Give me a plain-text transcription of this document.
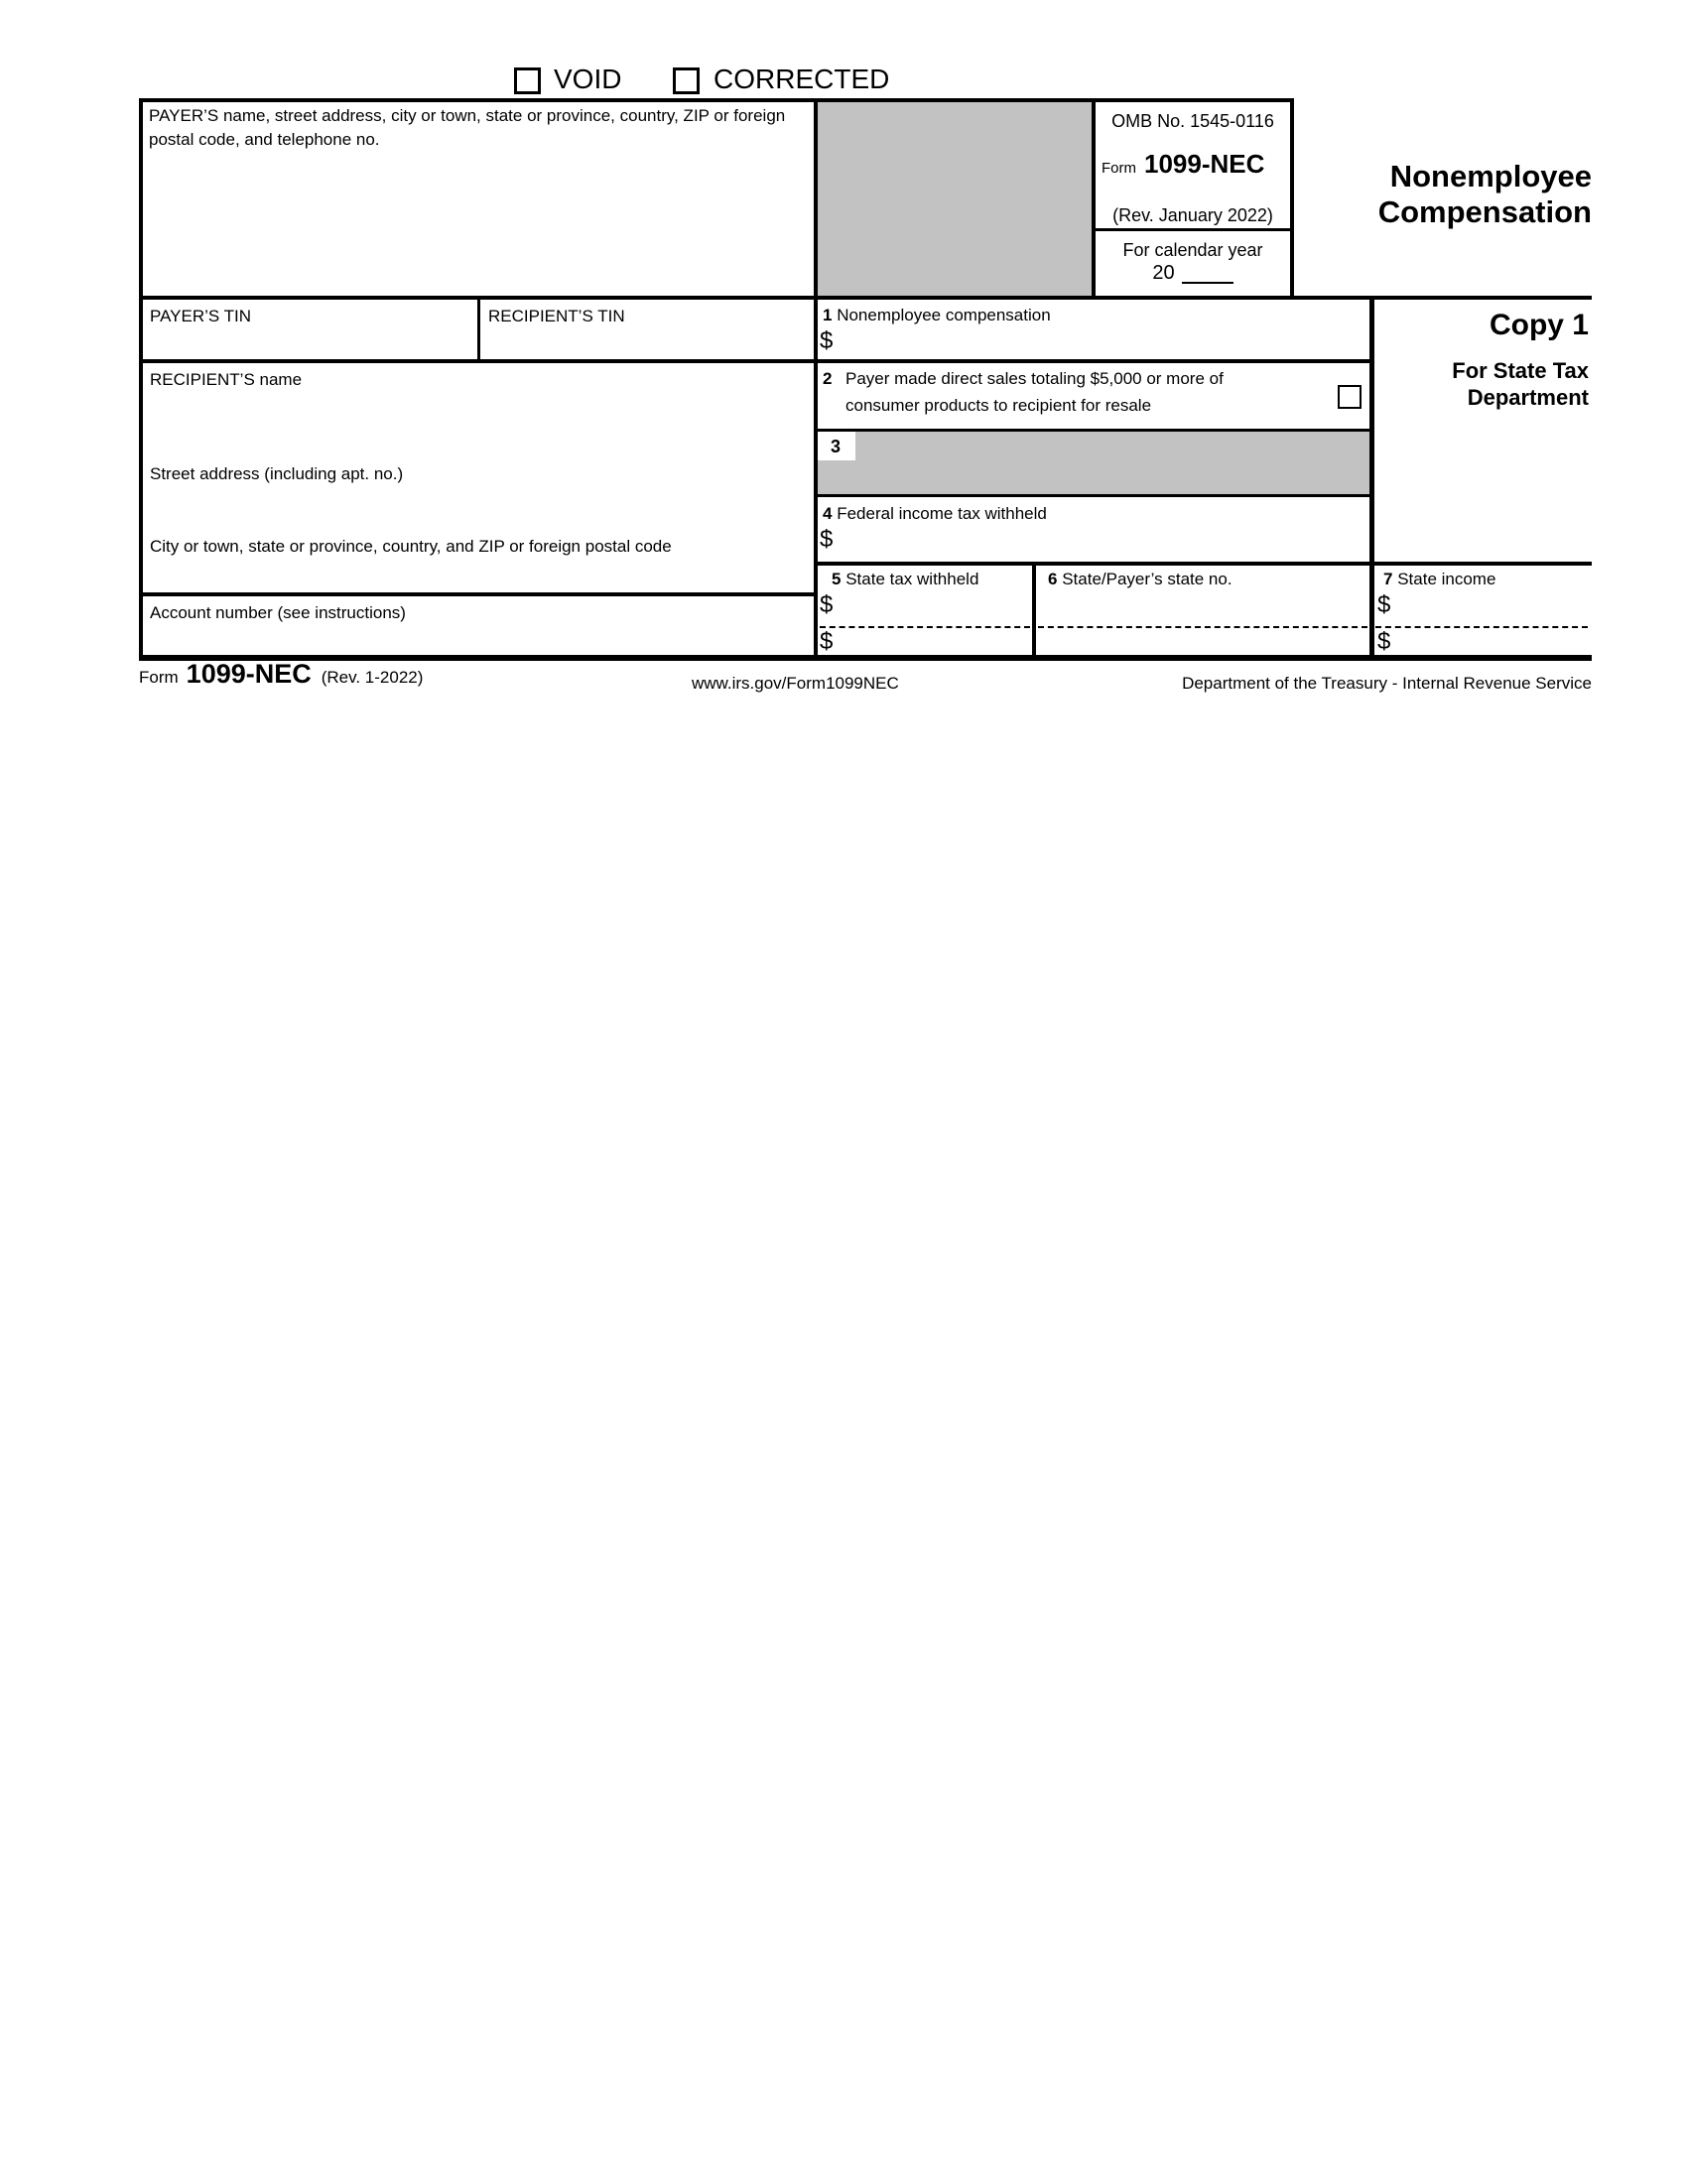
VOID	CORRECTED
3
PAYER’S name, street address, city or town, state or province, country, ZIP or foreign postal code, and telephone no.
OMB No. 1545-0116
Form 1099-NEC
(Rev. January 2022)
For calendar year
20
Nonemployee
Compensation
Copy 1
For State Tax
Department
PAYER’S TIN	RECIPIENT’S TIN	1 Nonemployee compensation
$
RECIPIENT’S name
Street address (including apt. no.)
City or town, state or province, country, and ZIP or foreign postal code
2 Payer made direct sales totaling $5,000 or more of
consumer products to recipient for resale
4 Federal income tax withheld
$
Account number (see instructions)
5 State tax withheld
$
$
6 State/Payer’s state no.	7 State income
$
$
Form 1099-NEC (Rev. 1-2022)	www.irs.gov/Form1099NEC	Department of the Treasury - Internal Revenue Service
